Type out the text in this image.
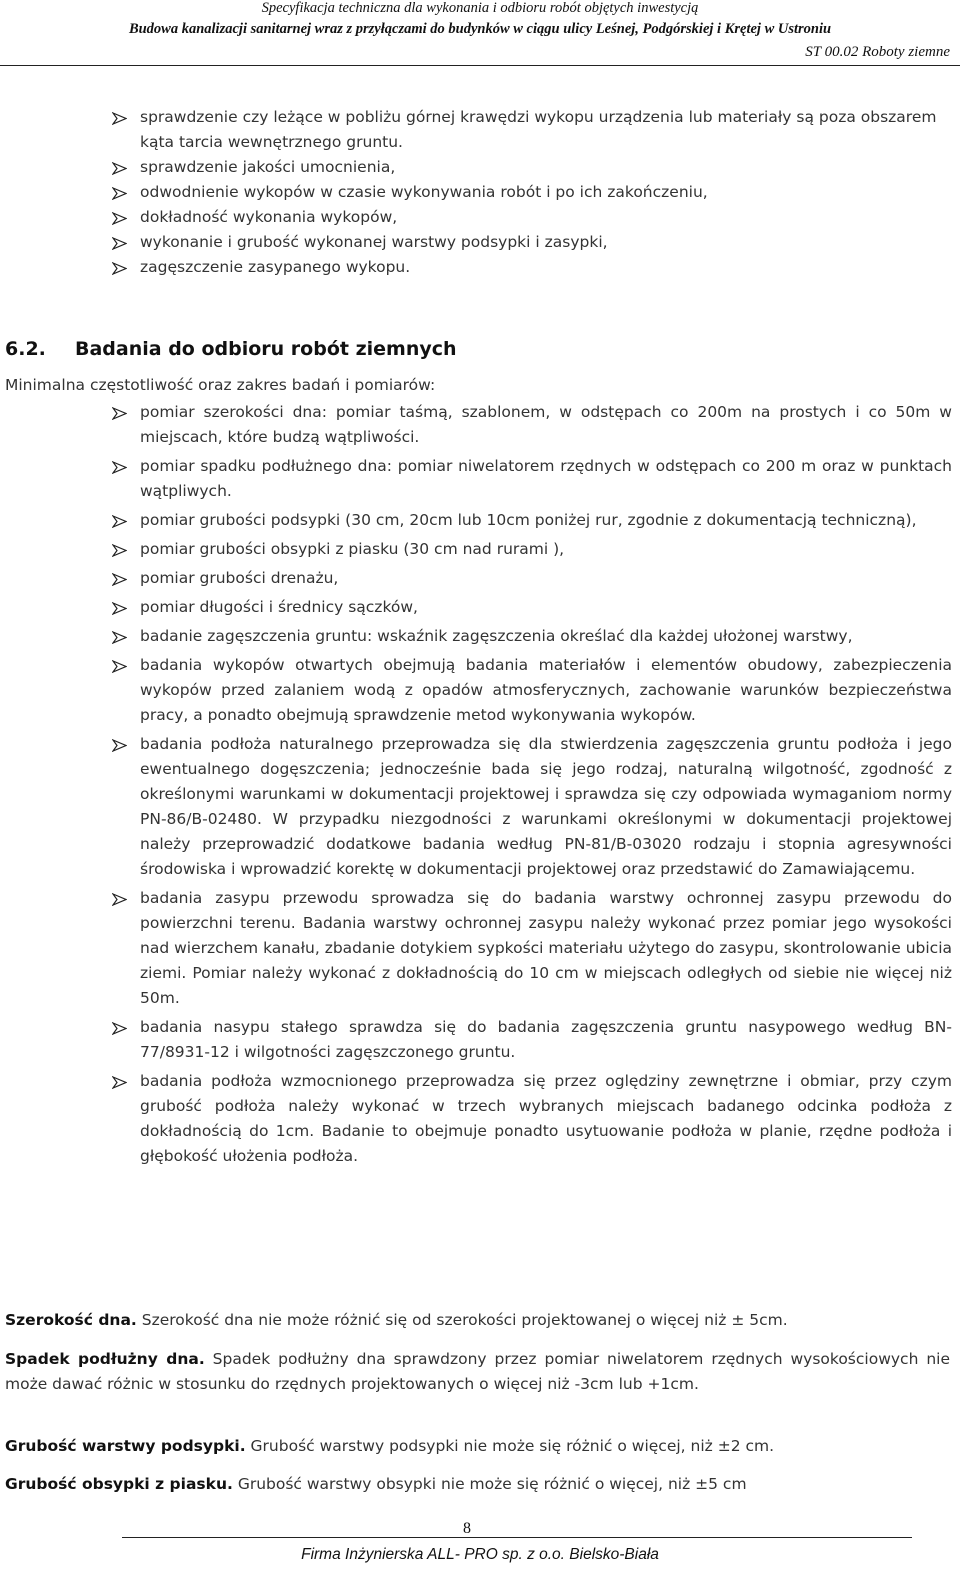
Specyfikacja techniczna dla wykonania i odbioru robót objętych inwestycją
Budowa kanalizacji sanitarnej wraz z przyłączami do budynków w ciągu ulicy Leśnej, Podgórskiej i Krętej w Ustroniu
ST 00.02 Roboty ziemne
sprawdzenie czy leżące w pobliżu górnej krawędzi wykopu urządzenia lub materiały są poza obszarem kąta tarcia wewnętrznego gruntu.
sprawdzenie jakości umocnienia,
odwodnienie wykopów w czasie wykonywania robót i po ich zakończeniu,
dokładność wykonania wykopów,
wykonanie i grubość wykonanej warstwy podsypki i zasypki,
zagęszczenie zasypanego wykopu.
6.2. Badania do odbioru robót ziemnych
Minimalna częstotliwość oraz zakres badań i pomiarów:
pomiar szerokości dna: pomiar taśmą, szablonem, w odstępach co 200m na prostych i co 50m w miejscach, które budzą wątpliwości.
pomiar spadku podłużnego dna: pomiar niwelatorem rzędnych w odstępach co 200 m oraz w punktach wątpliwych.
pomiar grubości podsypki (30 cm, 20cm lub 10cm poniżej rur, zgodnie z dokumentacją techniczną),
pomiar grubości obsypki z piasku (30 cm nad rurami ),
pomiar grubości drenażu,
pomiar długości i średnicy sączków,
badanie zagęszczenia gruntu: wskaźnik zagęszczenia określać dla każdej ułożonej warstwy,
badania wykopów otwartych obejmują badania materiałów i elementów obudowy, zabezpieczenia wykopów przed zalaniem wodą z opadów atmosferycznych, zachowanie warunków bezpieczeństwa pracy, a ponadto obejmują sprawdzenie metod wykonywania wykopów.
badania podłoża naturalnego przeprowadza się dla stwierdzenia zagęszczenia gruntu podłoża i jego ewentualnego dogęszczenia; jednocześnie bada się jego rodzaj, naturalną wilgotność, zgodność z określonymi warunkami w dokumentacji projektowej i sprawdza się czy odpowiada wymaganiom normy PN-86/B-02480. W przypadku niezgodności z warunkami określonymi w dokumentacji projektowej należy przeprowadzić dodatkowe badania według PN-81/B-03020 rodzaju i stopnia agresywności środowiska i wprowadzić korektę w dokumentacji projektowej oraz przedstawić do Zamawiającemu.
badania zasypu przewodu sprowadza się do badania warstwy ochronnej zasypu przewodu do powierzchni terenu. Badania warstwy ochronnej zasypu należy wykonać przez pomiar jego wysokości nad wierzchem kanału, zbadanie dotykiem sypkości materiału użytego do zasypu, skontrolowanie ubicia ziemi. Pomiar należy wykonać z dokładnością do 10 cm w miejscach odległych od siebie nie więcej niż 50m.
badania nasypu stałego sprawdza się do badania zagęszczenia gruntu nasypowego według BN-77/8931-12 i wilgotności zagęszczonego gruntu.
badania podłoża wzmocnionego przeprowadza się przez oględziny zewnętrzne i obmiar, przy czym grubość podłoża należy wykonać w trzech wybranych miejscach badanego odcinka podłoża z dokładnością do 1cm. Badanie to obejmuje ponadto usytuowanie podłoża w planie, rzędne podłoża i głębokość ułożenia podłoża.
Szerokość dna. Szerokość dna nie może różnić się od szerokości projektowanej o więcej niż ± 5cm.
Spadek podłużny dna. Spadek podłużny dna sprawdzony przez pomiar niwelatorem rzędnych wysokościowych nie może dawać różnic w stosunku do rzędnych projektowanych o więcej niż -3cm lub +1cm.
Grubość warstwy podsypki. Grubość warstwy podsypki nie może się różnić o więcej, niż ±2 cm.
Grubość obsypki z piasku. Grubość warstwy obsypki nie może się różnić o więcej, niż ±5 cm
8
Firma Inżynierska ALL- PRO sp. z o.o. Bielsko-Biała
